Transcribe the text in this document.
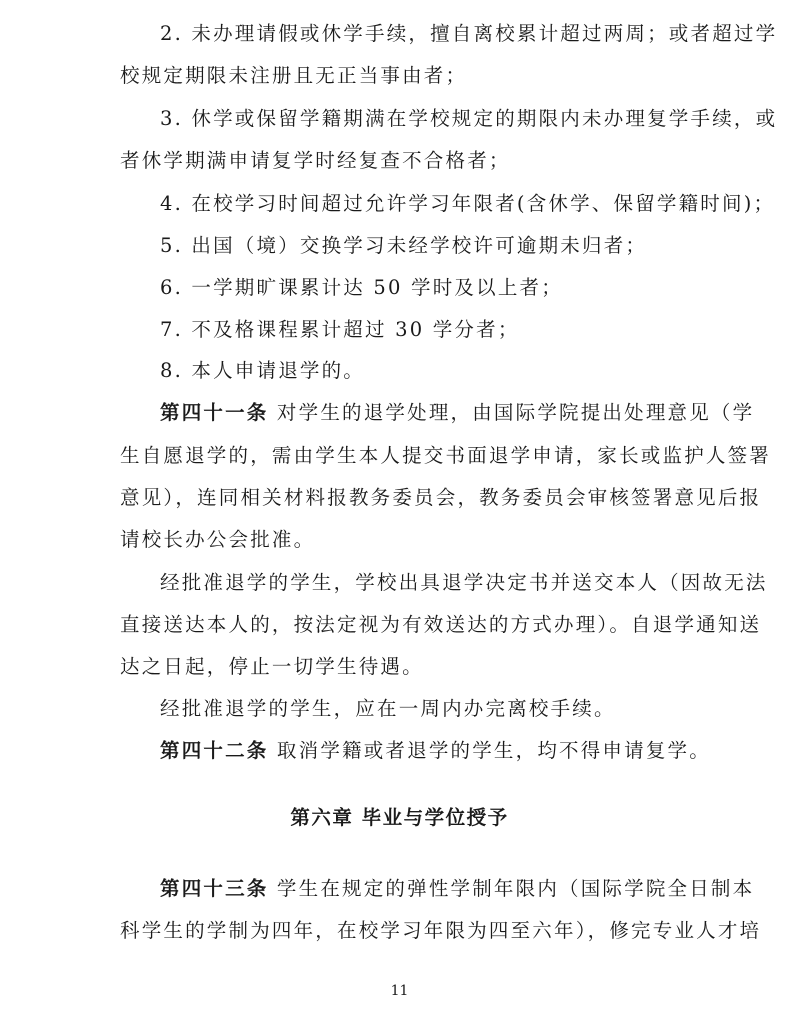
2. 未办理请假或休学手续，擅自离校累计超过两周；或者超过学
校规定期限未注册且无正当事由者；
3. 休学或保留学籍期满在学校规定的期限内未办理复学手续，或
者休学期满申请复学时经复查不合格者；
4. 在校学习时间超过允许学习年限者(含休学、保留学籍时间)；
5. 出国（境）交换学习未经学校许可逾期未归者；
6. 一学期旷课累计达 50 学时及以上者；
7. 不及格课程累计超过 30 学分者；
8. 本人申请退学的。
第四十一条 对学生的退学处理，由国际学院提出处理意见（学
生自愿退学的，需由学生本人提交书面退学申请，家长或监护人签署
意见），连同相关材料报教务委员会，教务委员会审核签署意见后报
请校长办公会批准。
经批准退学的学生，学校出具退学决定书并送交本人（因故无法
直接送达本人的，按法定视为有效送达的方式办理）。自退学通知送
达之日起，停止一切学生待遇。
经批准退学的学生，应在一周内办完离校手续。
第四十二条 取消学籍或者退学的学生，均不得申请复学。
第六章 毕业与学位授予
第四十三条 学生在规定的弹性学制年限内（国际学院全日制本
科学生的学制为四年，在校学习年限为四至六年），修完专业人才培
11
